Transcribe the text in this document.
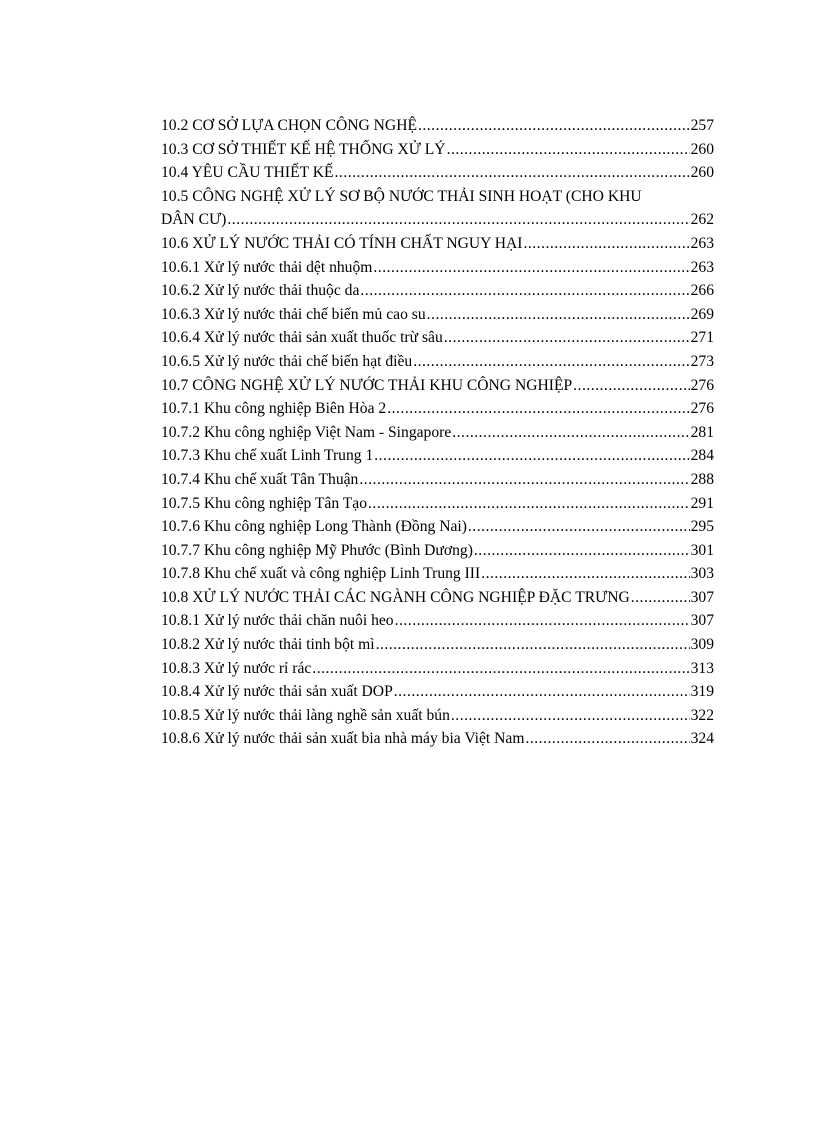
10.2 CƠ SỞ LỰA CHỌN CÔNG NGHỆ .....	257
10.3 CƠ SỞ THIẾT KẾ HỆ THỐNG XỬ LÝ .....	260
10.4 YÊU CẦU THIẾT KẾ .....	260
10.5 CÔNG NGHỆ XỬ LÝ SƠ BỘ NƯỚC THẢI SINH HOẠT (CHO KHU
DÂN CƯ) .....	262
10.6 XỬ LÝ NƯỚC THẢI CÓ TÍNH CHẤT NGUY HẠI .....	263
10.6.1 Xử lý nước thải dệt nhuộm .....	263
10.6.2 Xử lý nước thải thuộc da .....	266
10.6.3 Xử lý nước thải chế biến mủ cao su .....	269
10.6.4 Xử lý nước thải sản xuất thuốc trừ sâu .....	271
10.6.5 Xử lý nước thải chế biến hạt điều .....	273
10.7 CÔNG NGHỆ XỬ LÝ NƯỚC THẢI KHU CÔNG NGHIỆP .....	276
10.7.1 Khu công nghiệp Biên Hòa 2 .....	276
10.7.2 Khu công nghiệp Việt Nam - Singapore .....	281
10.7.3 Khu chế xuất Linh Trung 1 .....	284
10.7.4 Khu chế xuất Tân Thuận .....	288
10.7.5 Khu công nghiệp Tân Tạo .....	291
10.7.6 Khu công nghiệp Long Thành (Đồng Nai) .....	295
10.7.7 Khu công nghiệp Mỹ Phước (Bình Dương) .....	301
10.7.8 Khu chế xuất và công nghiệp Linh Trung III .....	303
10.8 XỬ LÝ NƯỚC THẢI CÁC NGÀNH CÔNG NGHIỆP ĐẶC TRƯNG .....	307
10.8.1 Xử lý nước thải chăn nuôi heo .....	307
10.8.2 Xử lý nước thải tinh bột mì .....	309
10.8.3 Xử lý nước rỉ rác .....	313
10.8.4 Xử lý nước thải sản xuất DOP .....	319
10.8.5 Xử lý nước thải làng nghề sản xuất bún .....	322
10.8.6 Xử lý nước thải sản xuất bia nhà máy bia Việt Nam .....	324
